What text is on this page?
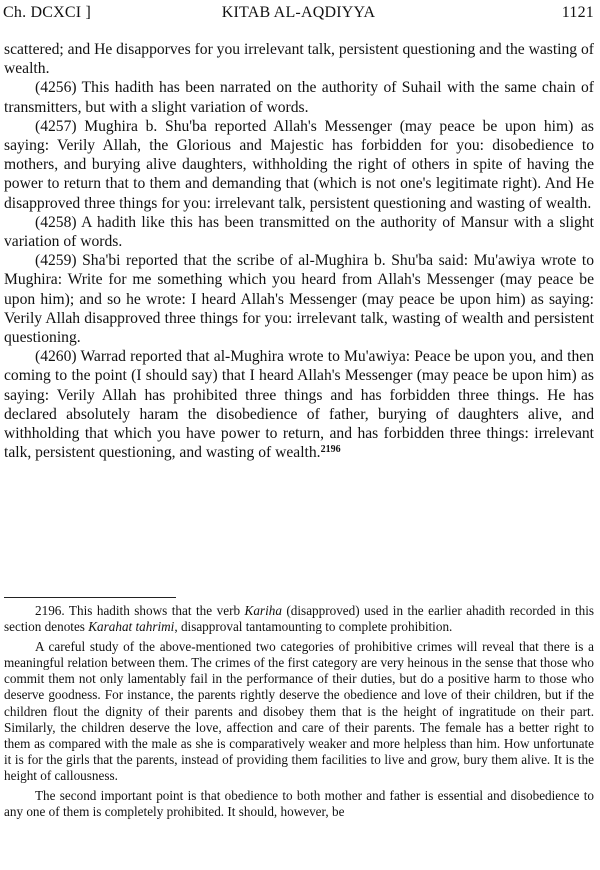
Ch. DCXCI ]	KITAB AL-AQDIYYA	1121

scattered; and He disapporves for you irrelevant talk, persistent questioning and the wasting of wealth.

(4256) This hadith has been narrated on the authority of Suhail with the same chain of transmitters, but with a slight variation of words.

(4257) Mughira b. Shu'ba reported Allah's Messenger (may peace be upon him) as saying: Verily Allah, the Glorious and Majestic has forbidden for you: disobedience to mothers, and burying alive daughters, withholding the right of others in spite of having the power to return that to them and demanding that (which is not one's legitimate right). And He disapproved three things for you: irrelevant talk, persistent questioning and wasting of wealth.

(4258) A hadith like this has been transmitted on the authority of Mansur with a slight variation of words.

(4259) Sha'bi reported that the scribe of al-Mughira b. Shu'ba said: Mu'awiya wrote to Mughira: Write for me something which you heard from Allah's Messenger (may peace be upon him); and so he wrote: I heard Allah's Messenger (may peace be upon him) as saying: Verily Allah disapproved three things for you: irrelevant talk, wasting of wealth and persistent questioning.

(4260) Warrad reported that al-Mughira wrote to Mu'awiya: Peace be upon you, and then coming to the point (I should say) that I heard Allah's Messenger (may peace be upon him) as saying: Verily Allah has prohibited three things and has forbidden three things. He has declared absolutely haram the disobedience of father, burying of daughters alive, and withholding that which you have power to return, and has forbidden three things: irrelevant talk, persistent questioning, and wasting of wealth.$^{2196}$

2196. This hadith shows that the verb Kariha (disapproved) used in the earlier ahadith recorded in this section denotes Karahat tahrimi, disapproval tantamounting to complete prohibition.

A careful study of the above-mentioned two categories of prohibitive crimes will reveal that there is a meaningful relation between them. The crimes of the first category are very heinous in the sense that those who commit them not only lamentably fail in the performance of their duties, but do a positive harm to those who deserve goodness. For instance, the parents rightly deserve the obedience and love of their children, but if the children flout the dignity of their parents and disobey them that is the height of ingratitude on their part. Similarly, the children deserve the love, affection and care of their parents. The female has a better right to them as compared with the male as she is comparatively weaker and more helpless than him. How unfortunate it is for the girls that the parents, instead of providing them facilities to live and grow, bury them alive. It is the height of callousness.

The second important point is that obedience to both mother and father is essential and disobedience to any one of them is completely prohibited. It should, however, be
